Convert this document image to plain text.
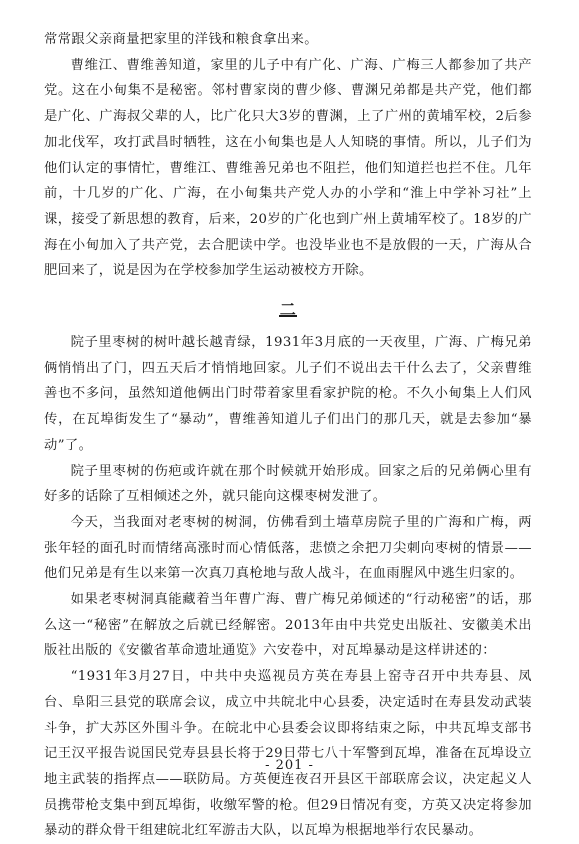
常常跟父亲商量把家里的洋钱和粮食拿出来。

曹维江、曹维善知道，家里的儿子中有广化、广海、广梅三人都参加了共产党。这在小甸集不是秘密。邻村曹家岗的曹少修、曹渊兄弟都是共产党，他们都是广化、广海叔父辈的人，比广化只大3岁的曹渊，上了广州的黄埔军校，2后参加北伐军，攻打武昌时牺牲，这在小甸集也是人人知晓的事情。所以，儿子们为他们认定的事情忙，曹维江、曹维善兄弟也不阻拦，他们知道拦也拦不住。几年前，十几岁的广化、广海，在小甸集共产党人办的小学和“淮上中学补习社”上课，接受了新思想的教育，后来，20岁的广化也到广州上黄埔军校了。18岁的广海在小甸加入了共产党，去合肥读中学。也没毕业也不是放假的一天，广海从合肥回来了，说是因为在学校参加学生运动被校方开除。

二

院子里枣树的树叶越长越青绿，1931年3月底的一天夜里，广海、广梅兄弟俩悄悄出了门，四五天后才悄悄地回家。儿子们不说出去干什么去了，父亲曹维善也不多问，虽然知道他俩出门时带着家里看家护院的枪。不久小甸集上人们风传，在瓦埠街发生了“暴动”，曹维善知道儿子们出门的那几天，就是去参加“暴动”了。

院子里枣树的伤疤或许就在那个时候就开始形成。回家之后的兄弟俩心里有好多的话除了互相倾述之外，就只能向这棵枣树发泄了。

今天，当我面对老枣树的树洞，仿佛看到土墙草房院子里的广海和广梅，两张年轻的面孔时而情绪高涨时而心情低落，悲愤之余把刀尖刺向枣树的情景——他们兄弟是有生以来第一次真刀真枪地与敌人战斗，在血雨腥风中逃生归家的。

如果老枣树洞真能藏着当年曹广海、曹广梅兄弟倾述的“行动秘密”的话，那么这一“秘密”在解放之后就已经解密。2013年由中共党史出版社、安徽美术出版社出版的《安徽省革命遗址通览》六安卷中，对瓦埠暴动是这样讲述的：

“1931年3月27日，中共中央巡视员方英在寿县上窑寺召开中共寿县、凤台、阜阳三县党的联席会议，成立中共皖北中心县委，决定适时在寿县发动武装斗争，扩大苏区外围斗争。在皖北中心县委会议即将结束之际，中共瓦埠支部书记王汉平报告说国民党寿县县长将于29日带七八十军警到瓦埠，准备在瓦埠设立地主武装的指挥点——联防局。方英便连夜召开县区干部联席会议，决定起义人员携带枪支集中到瓦埠街，收缴军警的枪。但29日情况有变，方英又决定将参加暴动的群众骨干组建皖北红军游击大队，以瓦埠为根据地举行农民暴动。

- 201 -
